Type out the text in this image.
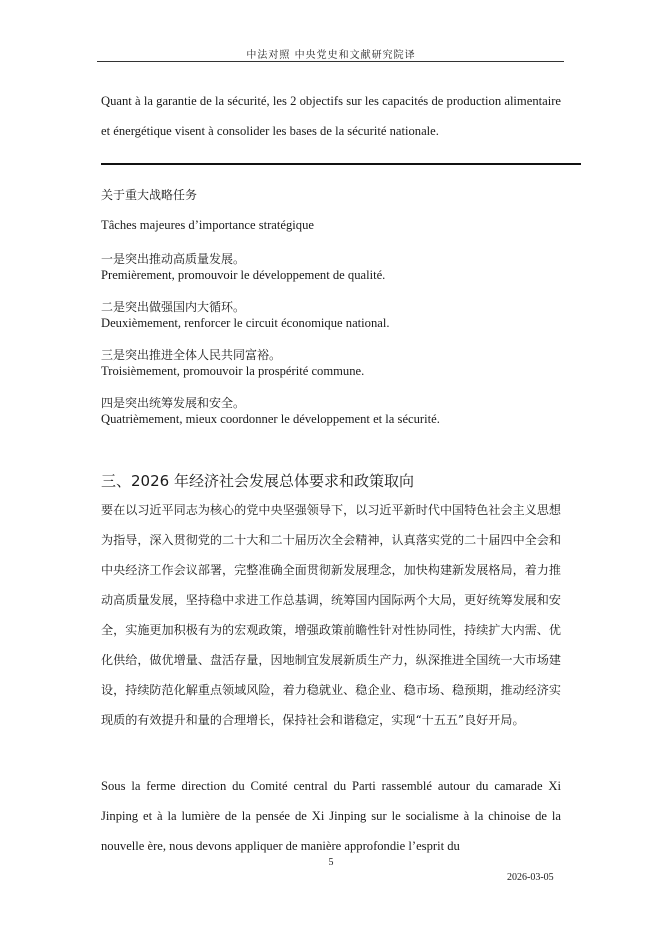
中法对照 中央党史和文献研究院译

Quant à la garantie de la sécurité, les 2 objectifs sur les capacités de production alimentaire et énergétique visent à consolider les bases de la sécurité nationale.

关于重大战略任务

Tâches majeures d’importance stratégique

一是突出推动高质量发展。

Premièrement, promouvoir le développement de qualité.

二是突出做强国内大循环。

Deuxièmement, renforcer le circuit économique national.

三是突出推进全体人民共同富裕。

Troisièmement, promouvoir la prospérité commune.

四是突出统筹发展和安全。

Quatrièmement, mieux coordonner le développement et la sécurité.

三、2026 年经济社会发展总体要求和政策取向

要在以习近平同志为核心的党中央坚强领导下，以习近平新时代中国特色社会主义思想为指导，深入贯彻党的二十大和二十届历次全会精神，认真落实党的二十届四中全会和中央经济工作会议部署，完整准确全面贯彻新发展理念，加快构建新发展格局，着力推动高质量发展，坚持稳中求进工作总基调，统筹国内国际两个大局，更好统筹发展和安全，实施更加积极有为的宏观政策，增强政策前瞻性针对性协同性，持续扩大内需、优化供给，做优增量、盘活存量，因地制宜发展新质生产力，纵深推进全国统一大市场建设，持续防范化解重点领域风险，着力稳就业、稳企业、稳市场、稳预期，推动经济实现质的有效提升和量的合理增长，保持社会和谐稳定，实现“十五五”良好开局。

Sous la ferme direction du Comité central du Parti rassemblé autour du camarade Xi Jinping et à la lumière de la pensée de Xi Jinping sur le socialisme à la chinoise de la nouvelle ère, nous devons appliquer de manière approfondie l’esprit du

5
2026-03-05
